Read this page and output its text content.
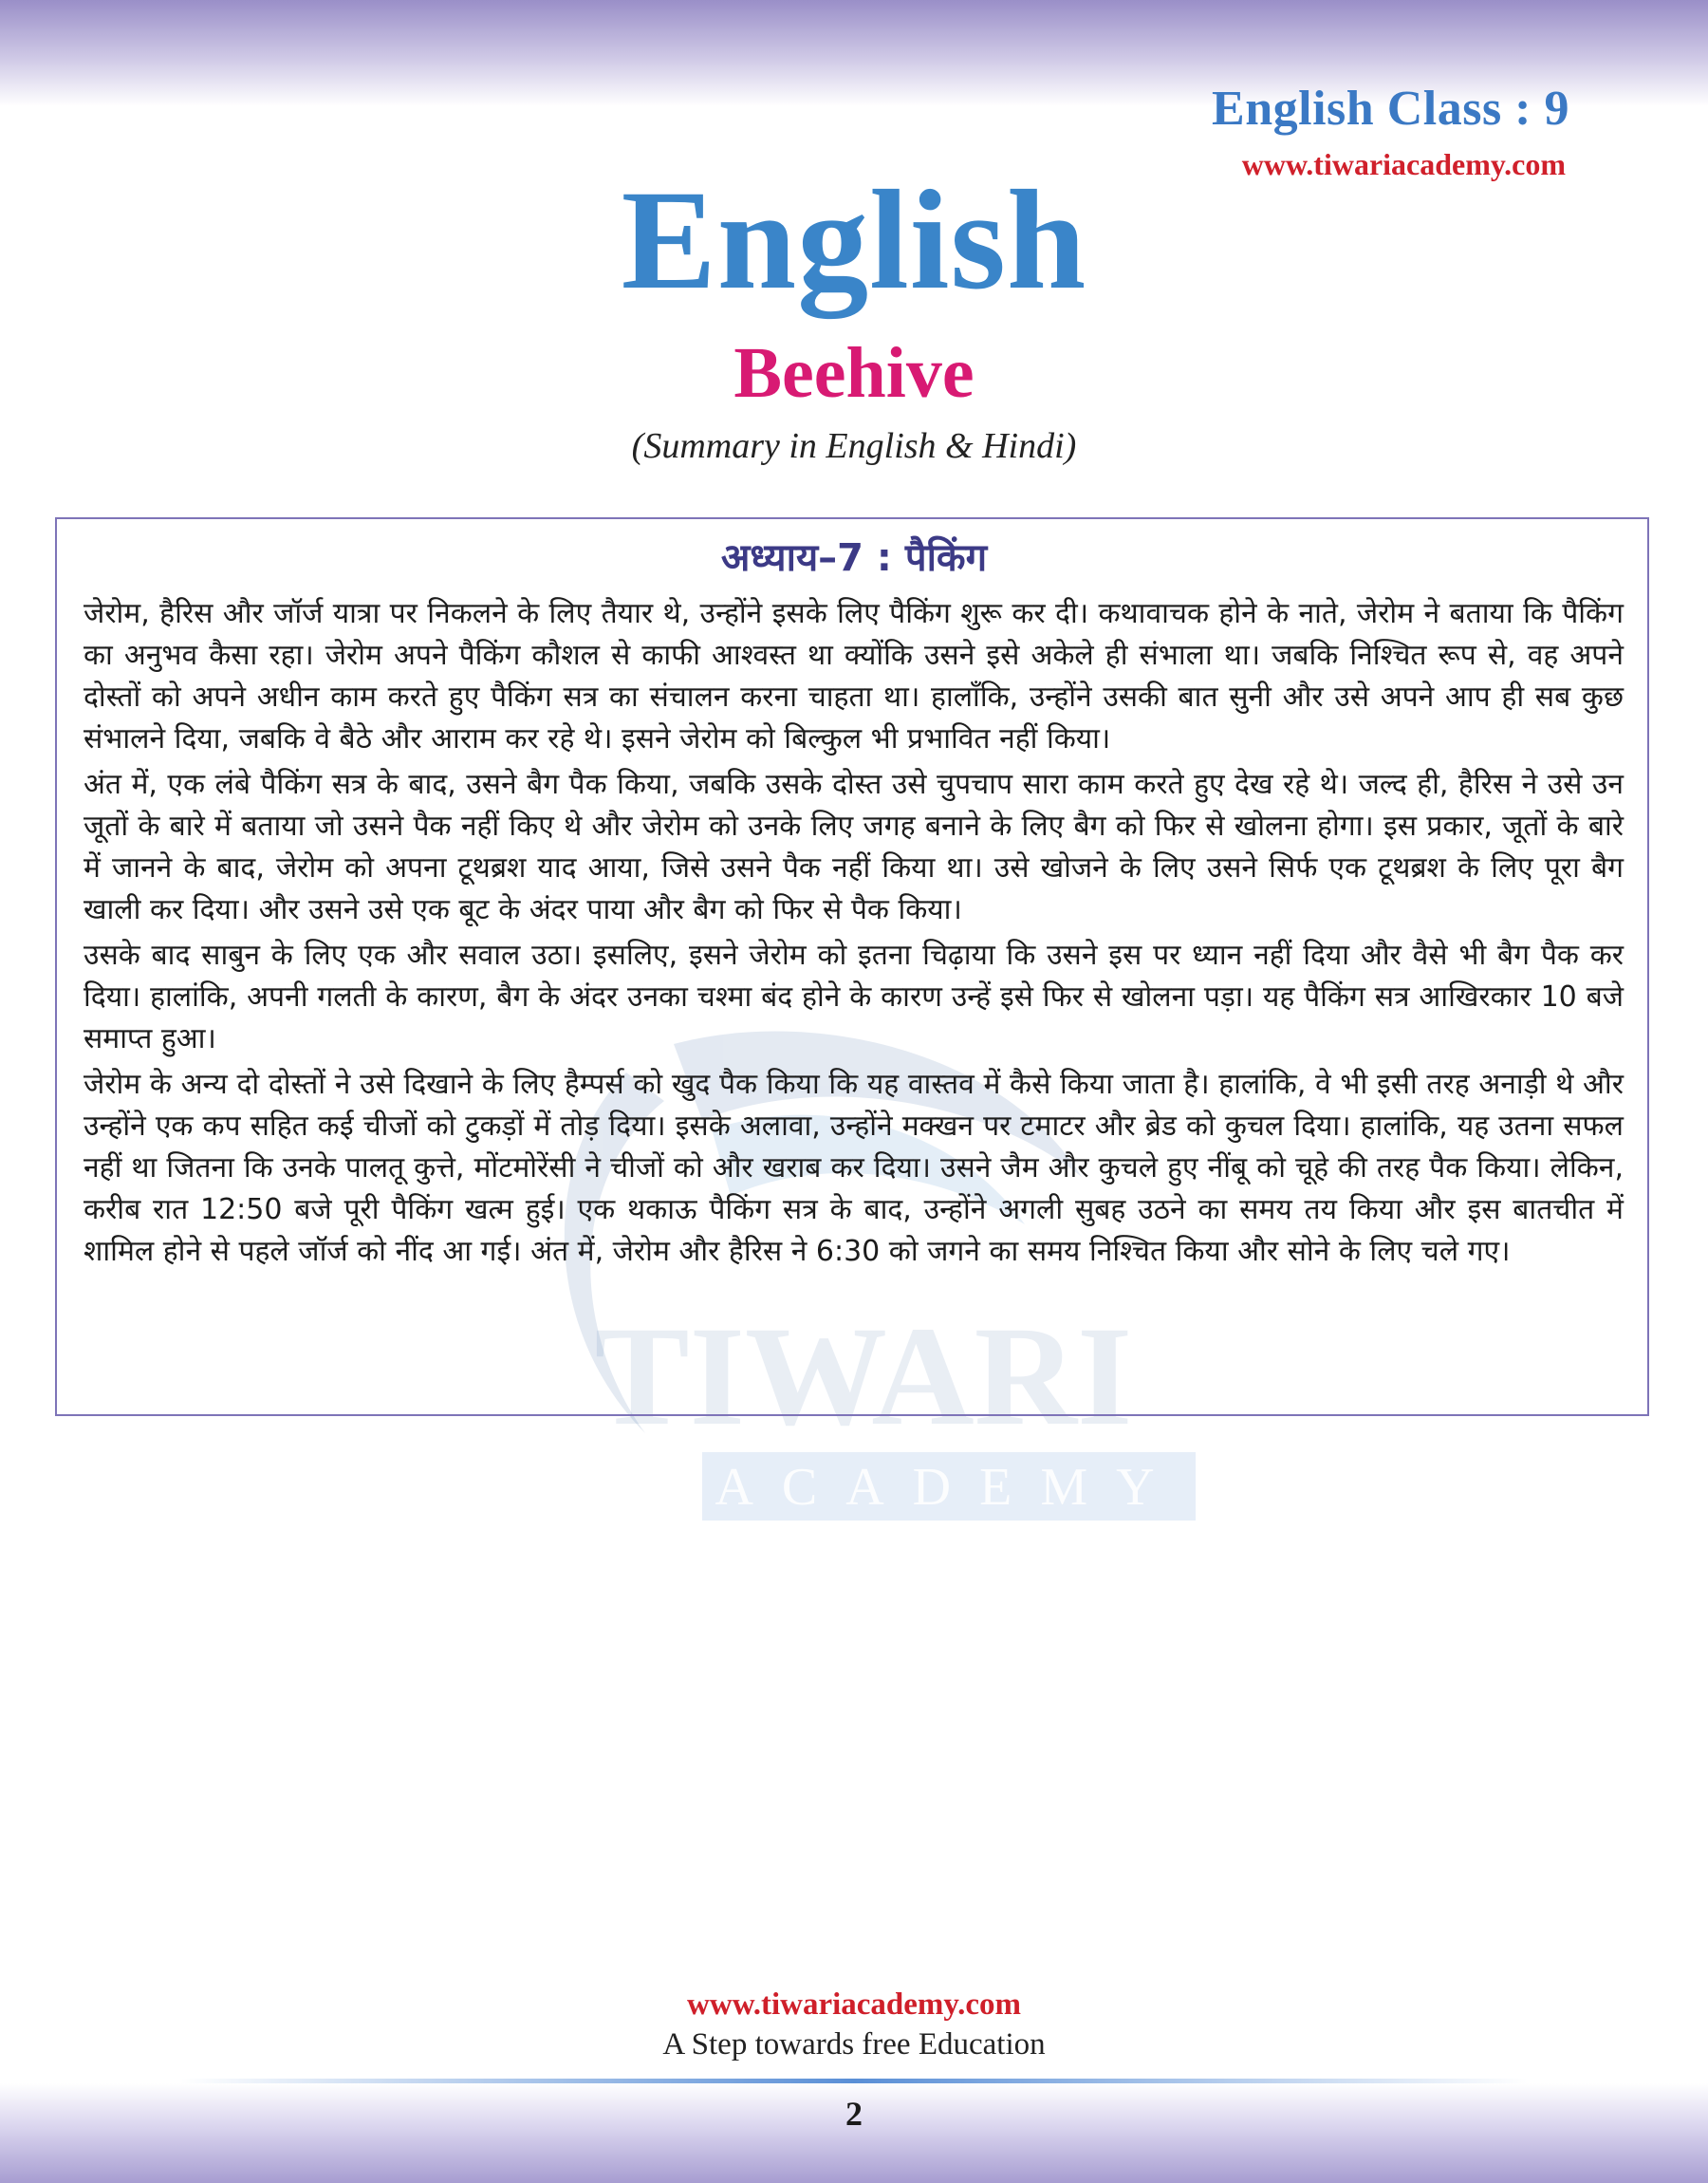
English Class : 9
www.tiwariacademy.com
English
Beehive
(Summary in English & Hindi)
TIWARI
ACADEMY
अध्याय–7 : पैकिंग

जेरोम, हैरिस और जॉर्ज यात्रा पर निकलने के लिए तैयार थे, उन्होंने इसके लिए पैकिंग शुरू कर दी। कथावाचक होने के नाते, जेरोम ने बताया कि पैकिंग का अनुभव कैसा रहा। जेरोम अपने पैकिंग कौशल से काफी आश्वस्त था क्योंकि उसने इसे अकेले ही संभाला था। जबकि निश्चित रूप से, वह अपने दोस्तों को अपने अधीन काम करते हुए पैकिंग सत्र का संचालन करना चाहता था। हालाँकि, उन्होंने उसकी बात सुनी और उसे अपने आप ही सब कुछ संभालने दिया, जबकि वे बैठे और आराम कर रहे थे। इसने जेरोम को बिल्कुल भी प्रभावित नहीं किया।

अंत में, एक लंबे पैकिंग सत्र के बाद, उसने बैग पैक किया, जबकि उसके दोस्त उसे चुपचाप सारा काम करते हुए देख रहे थे। जल्द ही, हैरिस ने उसे उन जूतों के बारे में बताया जो उसने पैक नहीं किए थे और जेरोम को उनके लिए जगह बनाने के लिए बैग को फिर से खोलना होगा। इस प्रकार, जूतों के बारे में जानने के बाद, जेरोम को अपना टूथब्रश याद आया, जिसे उसने पैक नहीं किया था। उसे खोजने के लिए उसने सिर्फ एक टूथब्रश के लिए पूरा बैग खाली कर दिया। और उसने उसे एक बूट के अंदर पाया और बैग को फिर से पैक किया।

उसके बाद साबुन के लिए एक और सवाल उठा। इसलिए, इसने जेरोम को इतना चिढ़ाया कि उसने इस पर ध्यान नहीं दिया और वैसे भी बैग पैक कर दिया। हालांकि, अपनी गलती के कारण, बैग के अंदर उनका चश्मा बंद होने के कारण उन्हें इसे फिर से खोलना पड़ा। यह पैकिंग सत्र आखिरकार 10 बजे समाप्त हुआ।

जेरोम के अन्य दो दोस्तों ने उसे दिखाने के लिए हैम्पर्स को खुद पैक किया कि यह वास्तव में कैसे किया जाता है। हालांकि, वे भी इसी तरह अनाड़ी थे और उन्होंने एक कप सहित कई चीजों को टुकड़ों में तोड़ दिया। इसके अलावा, उन्होंने मक्खन पर टमाटर और ब्रेड को कुचल दिया। हालांकि, यह उतना सफल नहीं था जितना कि उनके पालतू कुत्ते, मोंटमोरेंसी ने चीजों को और खराब कर दिया। उसने जैम और कुचले हुए नींबू को चूहे की तरह पैक किया। लेकिन, करीब रात 12:50 बजे पूरी पैकिंग खत्म हुई। एक थकाऊ पैकिंग सत्र के बाद, उन्होंने अगली सुबह उठने का समय तय किया और इस बातचीत में शामिल होने से पहले जॉर्ज को नींद आ गई। अंत में, जेरोम और हैरिस ने 6:30 को जगने का समय निश्चित किया और सोने के लिए चले गए।

www.tiwariacademy.com
A Step towards free Education
2
